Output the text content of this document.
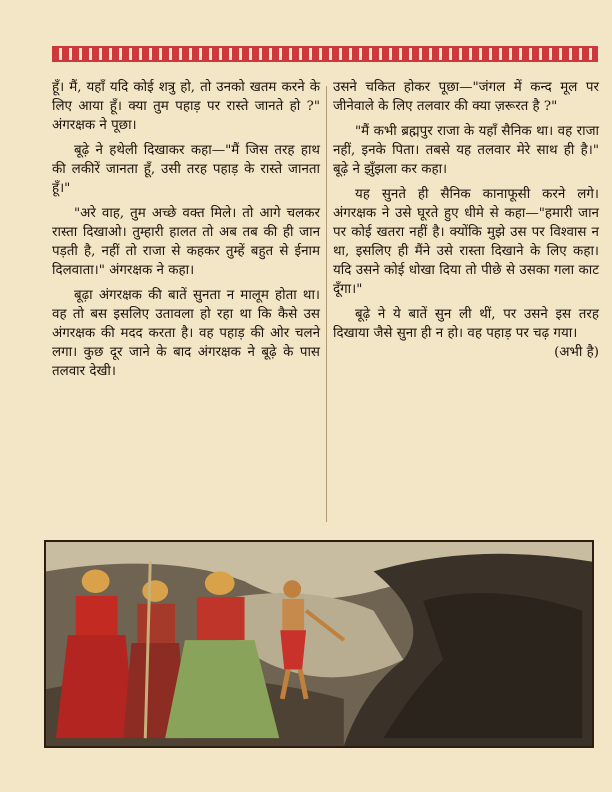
हूँ। मैं, यहाँ यदि कोई शत्रु हो, तो उनको खतम करने के लिए आया हूँ। क्या तुम पहाड़ पर रास्ते जानते हो ?" अंगरक्षक ने पूछा।

बूढ़े ने हथेली दिखाकर कहा—"मैं जिस तरह हाथ की लकीरें जानता हूँ, उसी तरह पहाड़ के रास्ते जानता हूँ।"

"अरे वाह, तुम अच्छे वक्त मिले। तो आगे चलकर रास्ता दिखाओ। तुम्हारी हालत तो अब तब की ही जान पड़ती है, नहीं तो राजा से कहकर तुम्हें बहुत से ईनाम दिलवाता।" अंगरक्षक ने कहा।

बूढ़ा अंगरक्षक की बातें सुनता न मालूम होता था। वह तो बस इसलिए उतावला हो रहा था कि कैसे उस अंगरक्षक की मदद करता है। वह पहाड़ की ओर चलने लगा। कुछ दूर जाने के बाद अंगरक्षक ने बूढ़े के पास तलवार देखी।

उसने चकित होकर पूछा—"जंगल में कन्द मूल पर जीनेवाले के लिए तलवार की क्या ज़रूरत है ?"

"मैं कभी ब्रह्मपुर राजा के यहाँ सैनिक था। वह राजा नहीं, इनके पिता। तबसे यह तलवार मेरे साथ ही है।" बूढ़े ने झुँझला कर कहा।

यह सुनते ही सैनिक कानाफूसी करने लगे। अंगरक्षक ने उसे घूरते हुए धीमे से कहा—"हमारी जान पर कोई खतरा नहीं है। क्योंकि मुझे उस पर विश्वास न था, इसलिए ही मैंने उसे रास्ता दिखाने के लिए कहा। यदि उसने कोई धोखा दिया तो पीछे से उसका गला काट दूँगा।"

बूढ़े ने ये बातें सुन ली थीं, पर उसने इस तरह दिखाया जैसे सुना ही न हो। वह पहाड़ पर चढ़ गया।

(अभी है)
